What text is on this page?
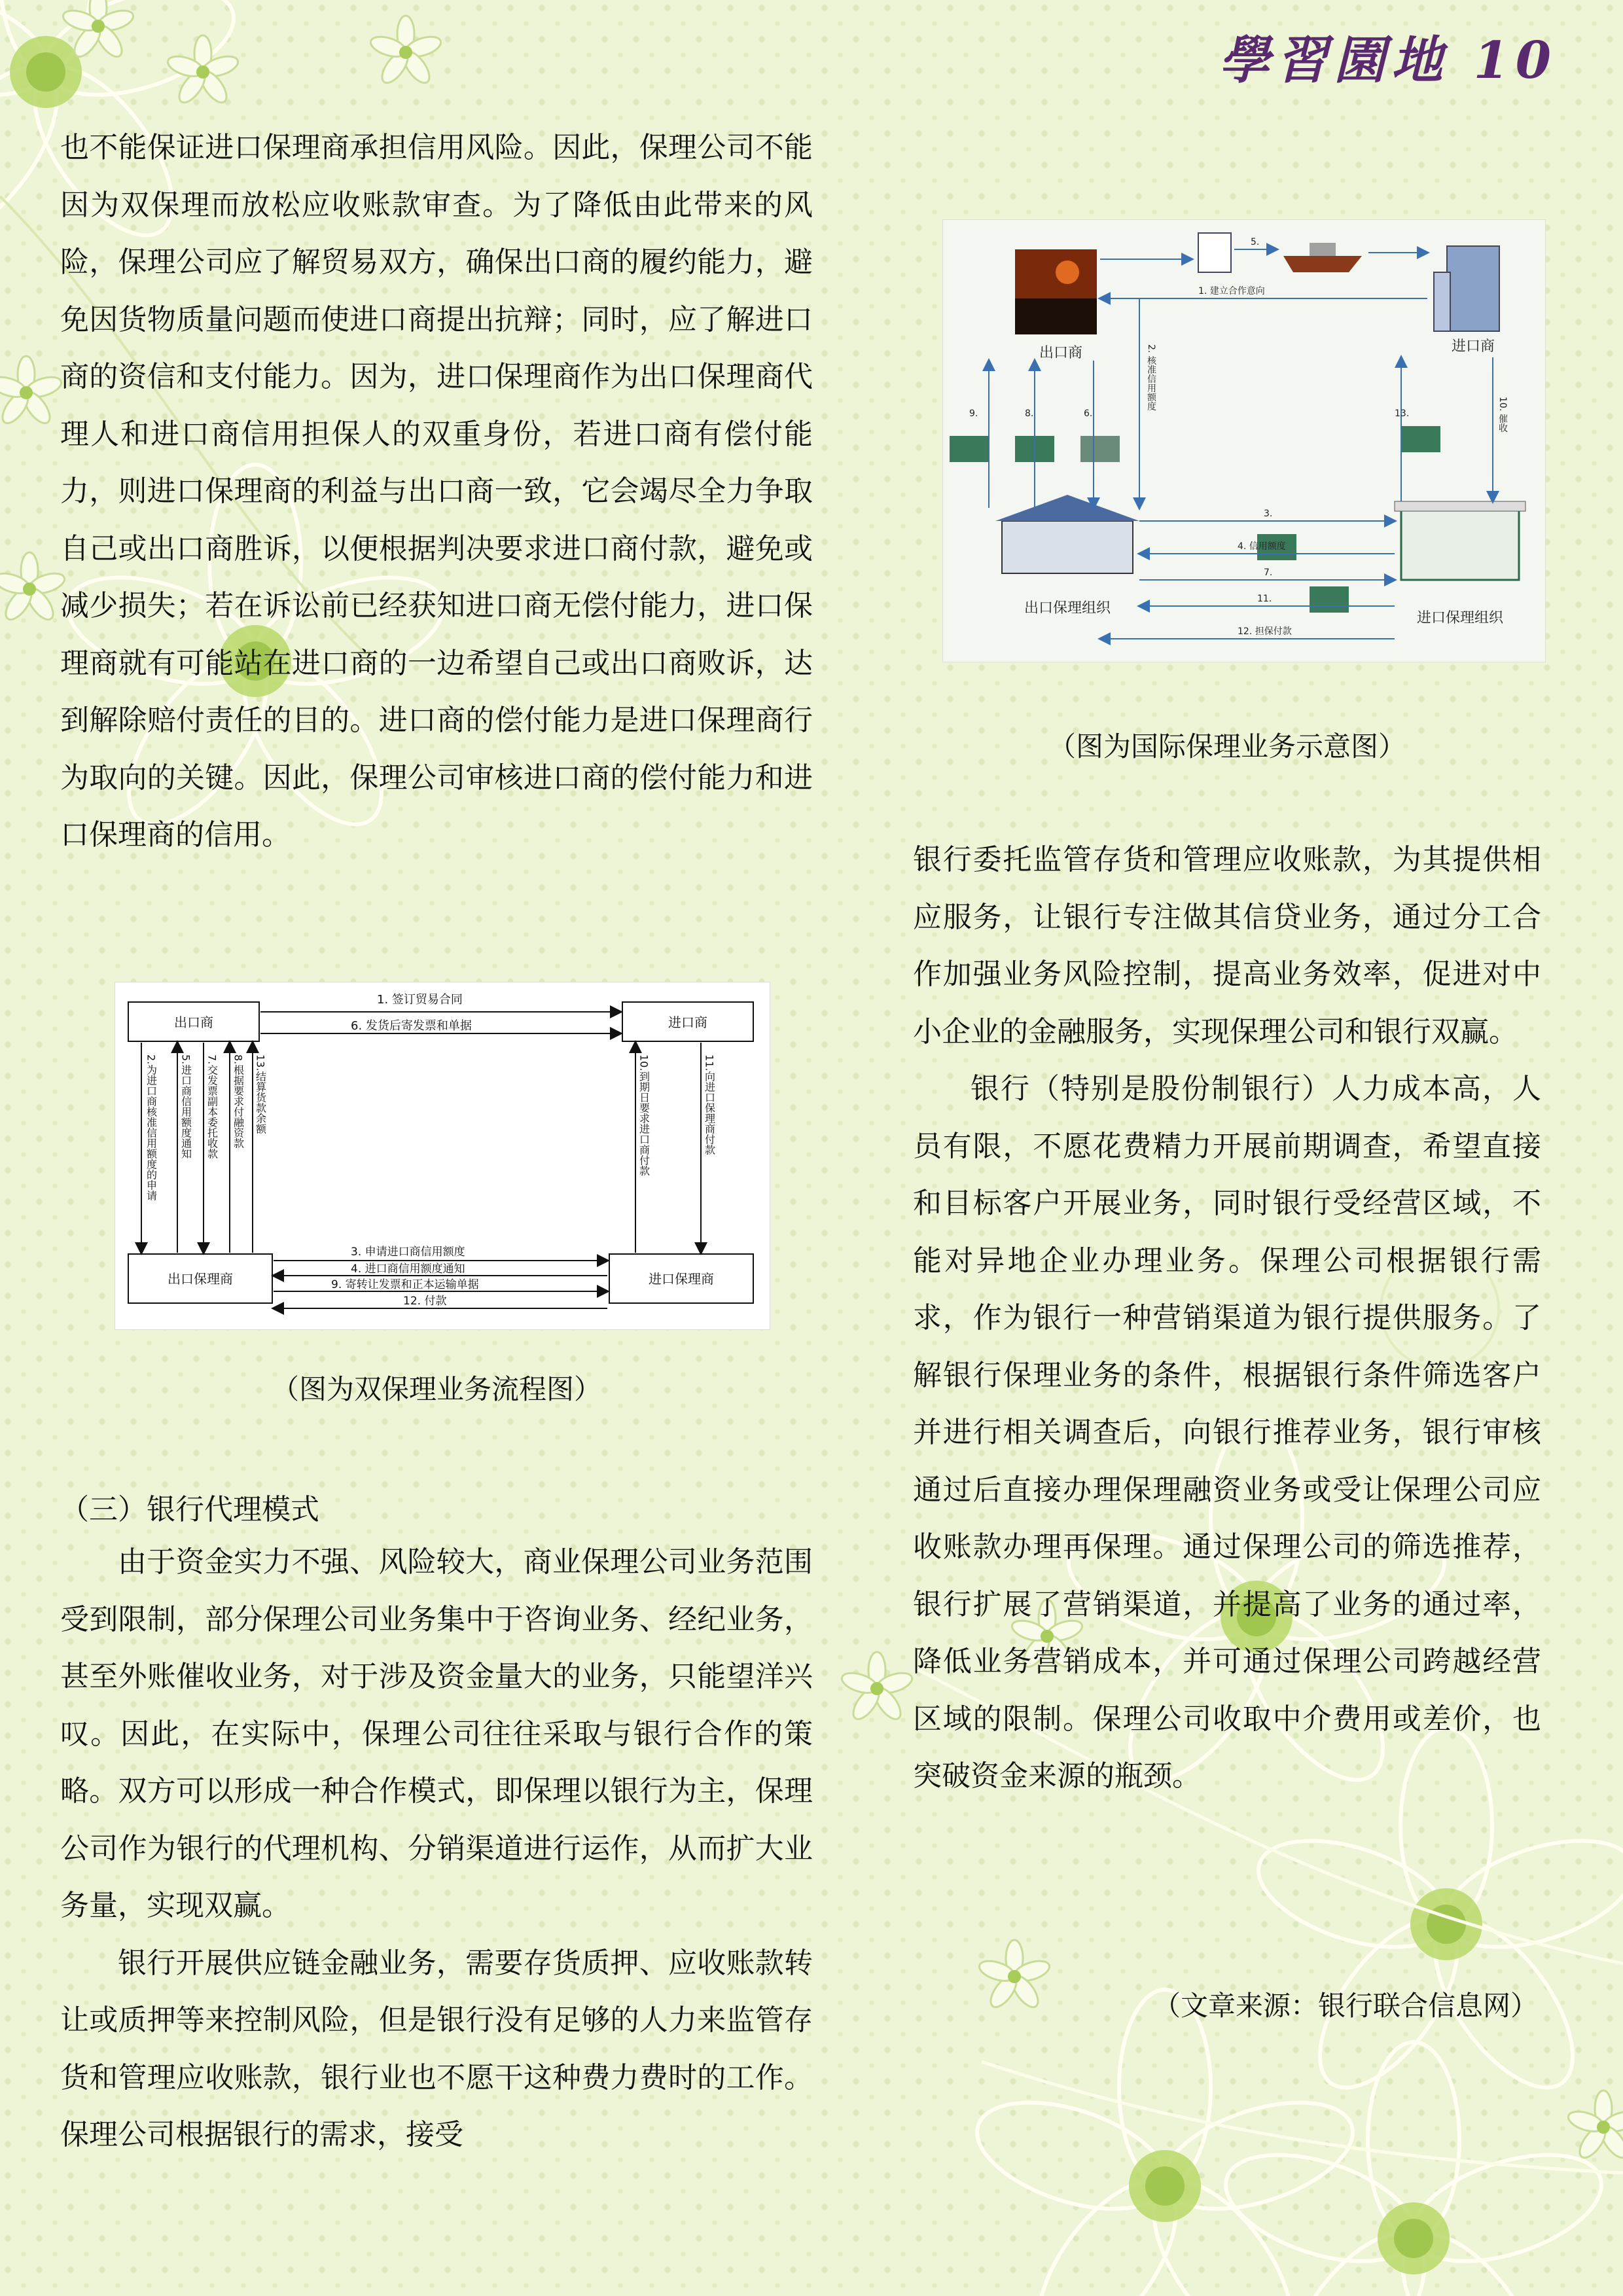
學習園地 10

也不能保证进口保理商承担信用风险。因此，保理公司不能因为双保理而放松应收账款审查。为了降低由此带来的风险，保理公司应了解贸易双方，确保出口商的履约能力，避免因货物质量问题而使进口商提出抗辩；同时，应了解进口商的资信和支付能力。因为，进口保理商作为出口保理商代理人和进口商信用担保人的双重身份，若进口商有偿付能力，则进口保理商的利益与出口商一致，它会竭尽全力争取自己或出口商胜诉，以便根据判决要求进口商付款，避免或减少损失；若在诉讼前已经获知进口商无偿付能力，进口保理商就有可能站在进口商的一边希望自己或出口商败诉，达到解除赔付责任的目的。进口商的偿付能力是进口保理商行为取向的关键。因此，保理公司审核进口商的偿付能力和进口保理商的信用。

出口商	进口商
出口保理商	进口保理商
1. 签订贸易合同
6. 发货后寄发票和单据
3. 申请进口商信用额度
4. 进口商信用额度通知
9. 寄转让发票和正本运输单据
12. 付款
2.为进口商核准信用额度的申请 5.进口商信用额度通知 7.交发票副本委托收款 8.根据要求付融资款 13.结算货款余额	10.到期日要求进口商付款	11.向进口保理商付款
（图为双保理业务流程图）
（三）银行代理模式

由于资金实力不强、风险较大，商业保理公司业务范围受到限制，部分保理公司业务集中于咨询业务、经纪业务，甚至外账催收业务，对于涉及资金量大的业务，只能望洋兴叹。因此，在实际中，保理公司往往采取与银行合作的策略。双方可以形成一种合作模式，即保理以银行为主，保理公司作为银行的代理机构、分销渠道进行运作，从而扩大业务量，实现双赢。

银行开展供应链金融业务，需要存货质押、应收账款转让或质押等来控制风险，但是银行没有足够的人力来监管存货和管理应收账款，银行业也不愿干这种费力费时的工作。保理公司根据银行的需求，接受

出口商	进口商
出口保理组织
进口保理组织
5.
1. 建立合作意向
2. 核准信用额度
9.	8.	6.	13.	10. 催收
3.
4. 信用额度
7.
11.
12. 担保付款
（图为国际保理业务示意图）

银行委托监管存货和管理应收账款，为其提供相应服务，让银行专注做其信贷业务，通过分工合作加强业务风险控制，提高业务效率，促进对中小企业的金融服务，实现保理公司和银行双赢。

银行（特别是股份制银行）人力成本高，人员有限，不愿花费精力开展前期调查，希望直接和目标客户开展业务，同时银行受经营区域，不能对异地企业办理业务。保理公司根据银行需求，作为银行一种营销渠道为银行提供服务。了解银行保理业务的条件，根据银行条件筛选客户并进行相关调查后，向银行推荐业务，银行审核通过后直接办理保理融资业务或受让保理公司应收账款办理再保理。通过保理公司的筛选推荐，银行扩展了营销渠道，并提高了业务的通过率，降低业务营销成本，并可通过保理公司跨越经营区域的限制。保理公司收取中介费用或差价，也突破资金来源的瓶颈。

（文章来源：银行联合信息网）
